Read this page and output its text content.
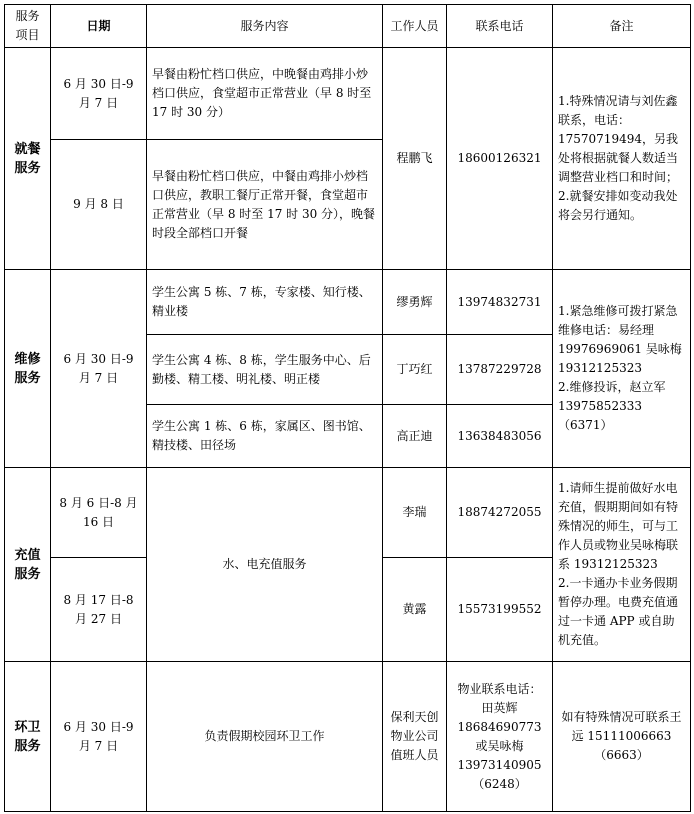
服务项目	日期	服务内容	工作人员	联系电话	备注
就餐服务	6 月 30 日-9 月 7 日	早餐由粉忙档口供应，中晚餐由鸡排小炒档口供应，食堂超市正常营业（早 8 时至 17 时 30 分）	程鹏飞	18600126321	1.特殊情况请与刘佐鑫联系，电话：17570719494，另我处将根据就餐人数适当调整营业档口和时间；
2.就餐安排如变动我处将会另行通知。
	9 月 8 日	早餐由粉忙档口供应，中餐由鸡排小炒档口供应，教职工餐厅正常开餐，食堂超市正常营业（早 8 时至 17 时 30 分），晚餐时段全部档口开餐			
维修服务	6 月 30 日-9 月 7 日	学生公寓 5 栋、7 栋，专家楼、知行楼、精业楼	缪勇辉	13974832731	1.紧急维修可拨打紧急维修电话：易经理 19976969061 吴咏梅 19312125323
2.维修投诉，赵立军 13975852333（6371）
		学生公寓 4 栋、8 栋，学生服务中心、后勤楼、精工楼、明礼楼、明正楼	丁巧红	13787229728	
		学生公寓 1 栋、6 栋，家属区、图书馆、精技楼、田径场	高正迪	13638483056	
充值服务	8 月 6 日-8 月 16 日	水、电充值服务	李瑞	18874272055	1.请师生提前做好水电充值，假期期间如有特殊情况的师生，可与工作人员或物业吴咏梅联系 19312125323
2.一卡通办卡业务假期暂停办理。电费充值通过一卡通 APP 或自助机充值。
	8 月 17 日-8 月 27 日		黄露	15573199552	
环卫服务	6 月 30 日-9 月 7 日	负责假期校园环卫工作	保利天创物业公司值班人员	物业联系电话：田英辉 18684690773 或吴咏梅 13973140905（6248）	如有特殊情况可联系王远 15111006663（6663）
